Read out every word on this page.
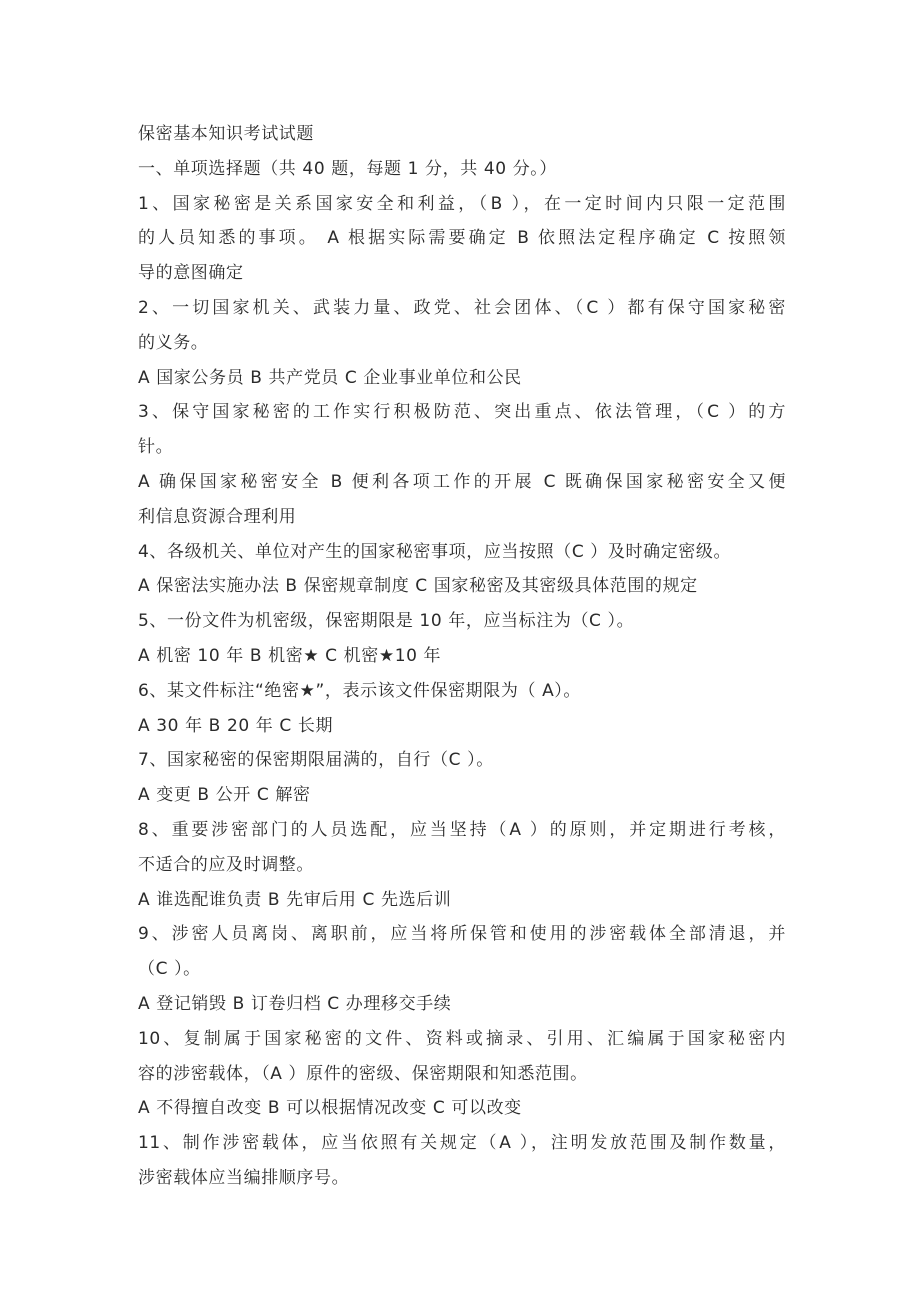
保密基本知识考试试题
一、单项选择题（共 40 题，每题 1 分，共 40 分。）
1、国家秘密是关系国家安全和利益，（B ），在一定时间内只限一定范围
的人员知悉的事项。 A 根据实际需要确定 B 依照法定程序确定 C 按照领
导的意图确定
2、一切国家机关、武装力量、政党、社会团体、（C ）都有保守国家秘密
的义务。
A 国家公务员 B 共产党员 C 企业事业单位和公民
3、保守国家秘密的工作实行积极防范、突出重点、依法管理，（C ）的方
针。
A 确保国家秘密安全 B 便利各项工作的开展 C 既确保国家秘密安全又便
利信息资源合理利用
4、各级机关、单位对产生的国家秘密事项，应当按照（C ）及时确定密级。
A 保密法实施办法 B 保密规章制度 C 国家秘密及其密级具体范围的规定
5、一份文件为机密级，保密期限是 10 年，应当标注为（C ）。
A 机密 10 年 B 机密★ C 机密★10 年
6、某文件标注“绝密★”，表示该文件保密期限为（ A）。
A 30 年 B 20 年 C 长期
7、国家秘密的保密期限届满的，自行（C ）。
A 变更 B 公开 C 解密
8、重要涉密部门的人员选配，应当坚持（A ）的原则，并定期进行考核，
不适合的应及时调整。
A 谁选配谁负责 B 先审后用 C 先选后训
9、涉密人员离岗、离职前，应当将所保管和使用的涉密载体全部清退，并
（C ）。
A 登记销毁 B 订卷归档 C 办理移交手续
10、复制属于国家秘密的文件、资料或摘录、引用、汇编属于国家秘密内
容的涉密载体，（A ）原件的密级、保密期限和知悉范围。
A 不得擅自改变 B 可以根据情况改变 C 可以改变
11、制作涉密载体，应当依照有关规定（A ），注明发放范围及制作数量，
涉密载体应当编排顺序号。
